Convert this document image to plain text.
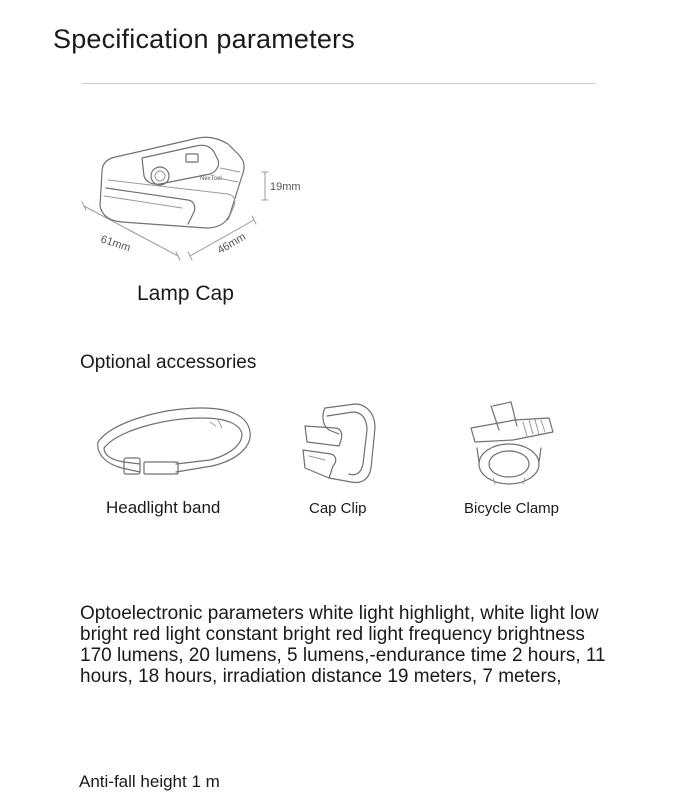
Specification parameters
NexTool
19mm
61mm	46mm
Lamp Cap
Optional accessories
Headlight band	Cap Clip	Bicycle Clamp

Optoelectronic parameters white light highlight, white light low bright red light constant bright red light frequency brightness 170 lumens, 20 lumens, 5 lumens,-endurance time 2 hours, 11 hours, 18 hours, irradiation distance 19 meters, 7 meters,

Anti-fall height 1 m
